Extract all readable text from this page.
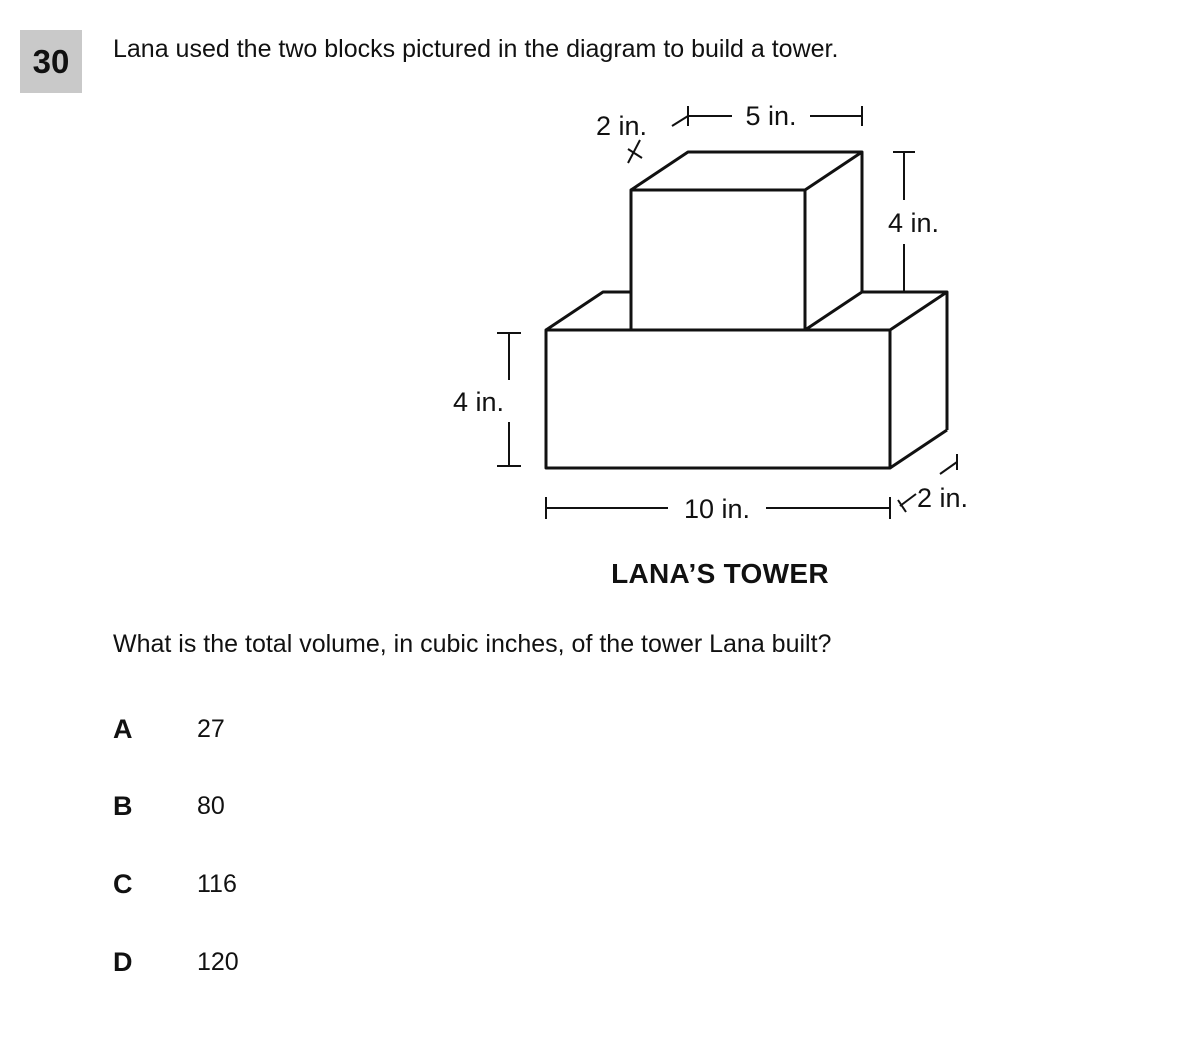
30 Lana used the two blocks pictured in the diagram to build a tower.
2 in.	5 in.
4 in.
4 in.
10 in.	2 in.
LANA’S TOWER
What is the total volume, in cubic inches, of the tower Lana built?
A	27
B	80
C	116
D	120
